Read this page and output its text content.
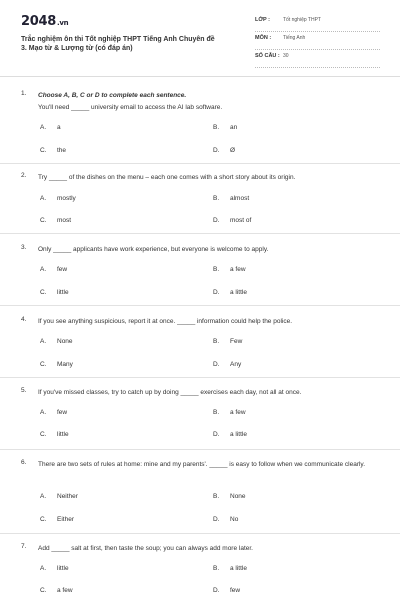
2048.vn
Trắc nghiệm ôn thi Tốt nghiệp THPT Tiếng Anh Chuyên đề
3. Mạo từ & Lượng từ (có đáp án)
LỚP :	Tốt nghiệp THPT
MÔN : Tiếng Anh
SỐ CÂU : 30
1. Choose A, B, C or D to complete each sentence.
You'll need _____ university email to access the AI lab software.
A. a	B. an
C. the	D. Ø
2. Try _____ of the dishes on the menu – each one comes with a short story about its origin.
A. mostly	B. almost
C. most	D. most of
3. Only _____ applicants have work experience, but everyone is welcome to apply.
A. few	B. a few
C. little	D. a little
4. If you see anything suspicious, report it at once. _____ information could help the police.
A. None	B. Few
C. Many	D. Any
5. If you've missed classes, try to catch up by doing _____ exercises each day, not all at once.
A. few	B. a few
C. little	D. a little
6. There are two sets of rules at home: mine and my parents'. _____ is easy to follow when we communicate clearly.
A. Neither	B. None
C. Either	D. No
7. Add _____ salt at first, then taste the soup; you can always add more later.
A. little	B. a little
C. a few	D. few
